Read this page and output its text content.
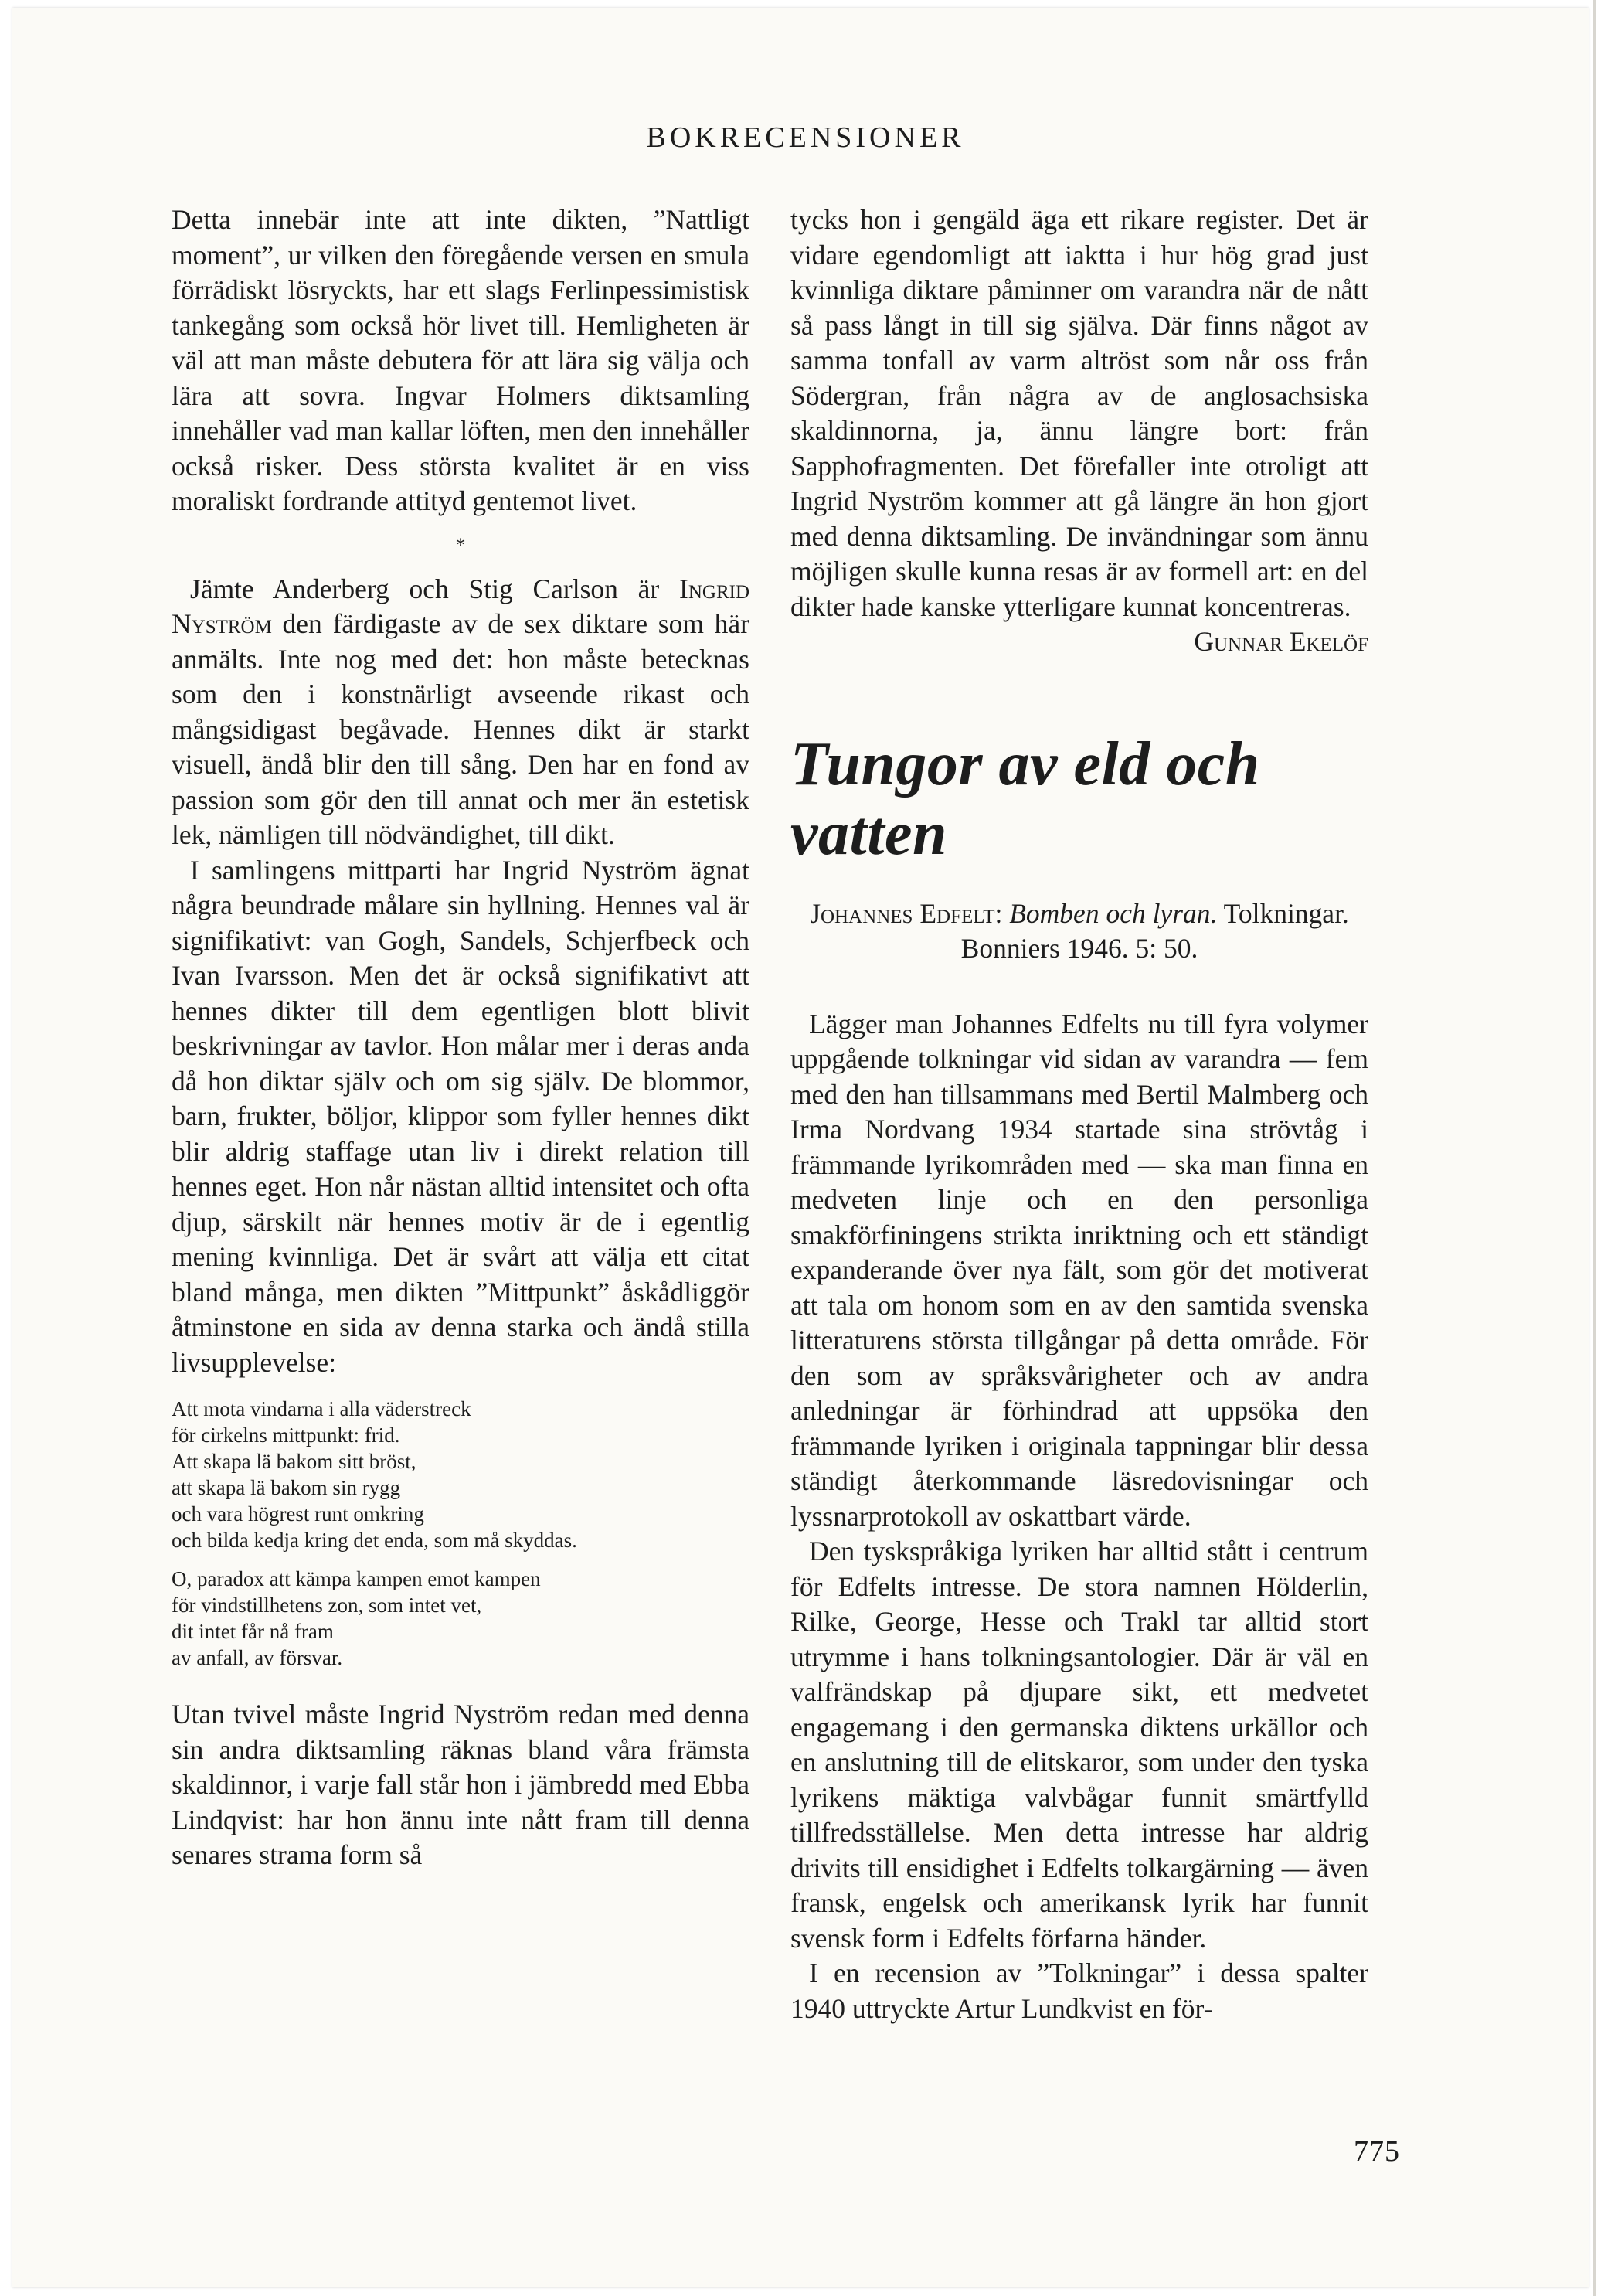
BOKRECENSIONER

Detta innebär inte att inte dikten, ”Nattligt moment”, ur vilken den föregående versen en smula förrädiskt lösryckts, har ett slags Ferlinpessimistisk tankegång som också hör livet till. Hemligheten är väl att man måste debutera för att lära sig välja och lära att sovra. Ingvar Holmers diktsamling innehåller vad man kallar löften, men den innehåller också risker. Dess största kvalitet är en viss moraliskt fordrande attityd gentemot livet.

*

Jämte Anderberg och Stig Carlson är Ingrid Nyström den färdigaste av de sex diktare som här anmälts. Inte nog med det: hon måste betecknas som den i konstnärligt avseende rikast och mångsidigast begåvade. Hennes dikt är starkt visuell, ändå blir den till sång. Den har en fond av passion som gör den till annat och mer än estetisk lek, nämligen till nödvändighet, till dikt.

I samlingens mittparti har Ingrid Nyström ägnat några beundrade målare sin hyllning. Hennes val är signifikativt: van Gogh, Sandels, Schjerfbeck och Ivan Ivarsson. Men det är också signifikativt att hennes dikter till dem egentligen blott blivit beskrivningar av tavlor. Hon målar mer i deras anda då hon diktar själv och om sig själv. De blommor, barn, frukter, böljor, klippor som fyller hennes dikt blir aldrig staffage utan liv i direkt relation till hennes eget. Hon når nästan alltid intensitet och ofta djup, särskilt när hennes motiv är de i egentlig mening kvinnliga. Det är svårt att välja ett citat bland många, men dikten ”Mittpunkt” åskådliggör åtminstone en sida av denna starka och ändå stilla livsupplevelse:

Att mota vindarna i alla väderstreck
för cirkelns mittpunkt: frid.
Att skapa lä bakom sitt bröst,
att skapa lä bakom sin rygg
och vara högrest runt omkring
och bilda kedja kring det enda, som må skyddas.
O, paradox att kämpa kampen emot kampen
för vindstillhetens zon, som intet vet,
dit intet får nå fram
av anfall, av försvar.

Utan tvivel måste Ingrid Nyström redan med denna sin andra diktsamling räknas bland våra främsta skaldinnor, i varje fall står hon i jämbredd med Ebba Lindqvist: har hon ännu inte nått fram till denna senares strama form så

tycks hon i gengäld äga ett rikare register. Det är vidare egendomligt att iaktta i hur hög grad just kvinnliga diktare påminner om varandra när de nått så pass långt in till sig själva. Där finns något av samma tonfall av varm altröst som når oss från Södergran, från några av de anglosachsiska skaldinnorna, ja, ännu längre bort: från Sapphofragmenten. Det förefaller inte otroligt att Ingrid Nyström kommer att gå längre än hon gjort med denna diktsamling. De invändningar som ännu möjligen skulle kunna resas är av formell art: en del dikter hade kanske ytterligare kunnat koncentreras.

Gunnar Ekelöf

Tungor av eld och vatten

Johannes Edfelt: Bomben och lyran. Tolkningar. Bonniers 1946. 5: 50.

Lägger man Johannes Edfelts nu till fyra volymer uppgående tolkningar vid sidan av varandra — fem med den han tillsammans med Bertil Malmberg och Irma Nordvang 1934 startade sina strövtåg i främmande lyrikområden med — ska man finna en medveten linje och en den personliga smakförfiningens strikta inriktning och ett ständigt expanderande över nya fält, som gör det motiverat att tala om honom som en av den samtida svenska litteraturens största tillgångar på detta område. För den som av språksvårigheter och av andra anledningar är förhindrad att uppsöka den främmande lyriken i originala tappningar blir dessa ständigt återkommande läsredovisningar och lyssnarprotokoll av oskattbart värde.

Den tyskspråkiga lyriken har alltid stått i centrum för Edfelts intresse. De stora namnen Hölderlin, Rilke, George, Hesse och Trakl tar alltid stort utrymme i hans tolkningsantologier. Där är väl en valfrändskap på djupare sikt, ett medvetet engagemang i den germanska diktens urkällor och en anslutning till de elitskaror, som under den tyska lyrikens mäktiga valvbågar funnit smärtfylld tillfredsställelse. Men detta intresse har aldrig drivits till ensidighet i Edfelts tolkargärning — även fransk, engelsk och amerikansk lyrik har funnit svensk form i Edfelts förfarna händer.

I en recension av ”Tolkningar” i dessa spalter 1940 uttryckte Artur Lundkvist en för-

775
